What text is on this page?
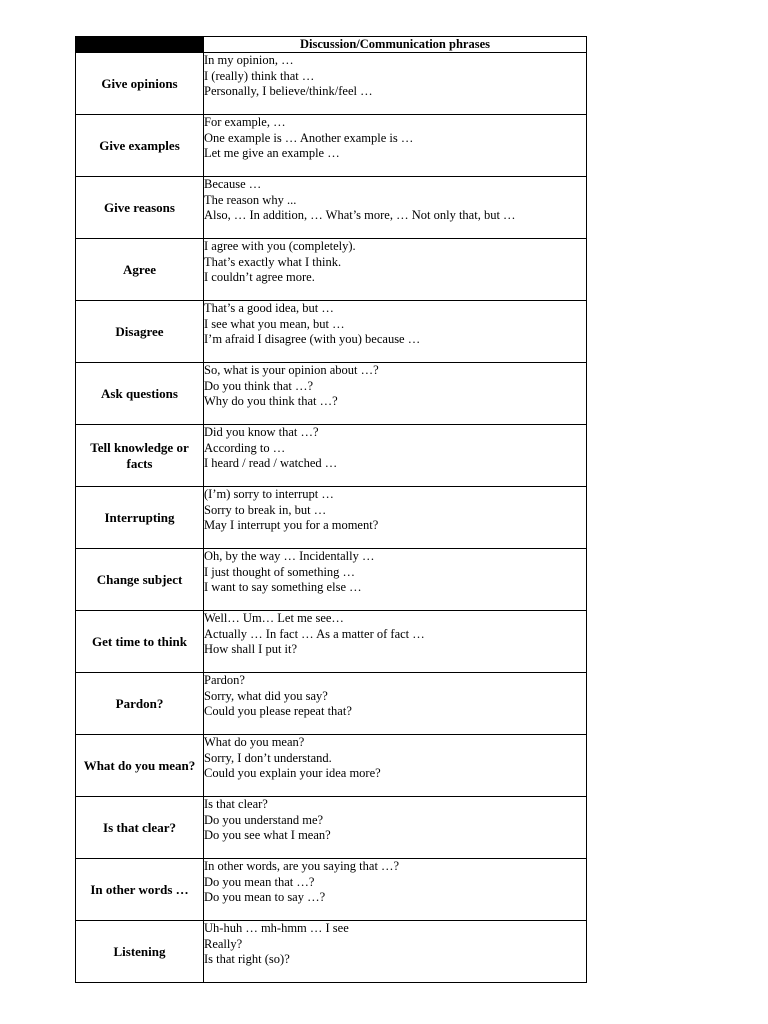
	Discussion/Communication phrases
Give opinions	In my opinion, …
I (really) think that …
Personally, I believe/think/feel …

Give examples	For example, …
One example is … Another example is …
Let me give an example …

Give reasons	Because …
The reason why ...
Also, … In addition, … What’s more, … Not only that, but …

Agree	I agree with you (completely).
That’s exactly what I think.
I couldn’t agree more.

Disagree	That’s a good idea, but …
I see what you mean, but …
I’m afraid I disagree (with you) because …

Ask questions	So, what is your opinion about …?
Do you think that …?
Why do you think that …?

Tell knowledge or facts	Did you know that …?
According to …
I heard / read / watched …

Interrupting	(I’m) sorry to interrupt …
Sorry to break in, but …
May I interrupt you for a moment?

Change subject	Oh, by the way … Incidentally …
I just thought of something …
I want to say something else …

Get time to think	Well… Um… Let me see…
Actually … In fact … As a matter of fact …
How shall I put it?

Pardon?	Pardon?
Sorry, what did you say?
Could you please repeat that?

What do you mean?	What do you mean?
Sorry, I don’t understand.
Could you explain your idea more?

Is that clear?	Is that clear?
Do you understand me?
Do you see what I mean?

In other words …	In other words, are you saying that …?
Do you mean that …?
Do you mean to say …?

Listening	Uh-huh … mh-hmm … I see
Really?
Is that right (so)?
